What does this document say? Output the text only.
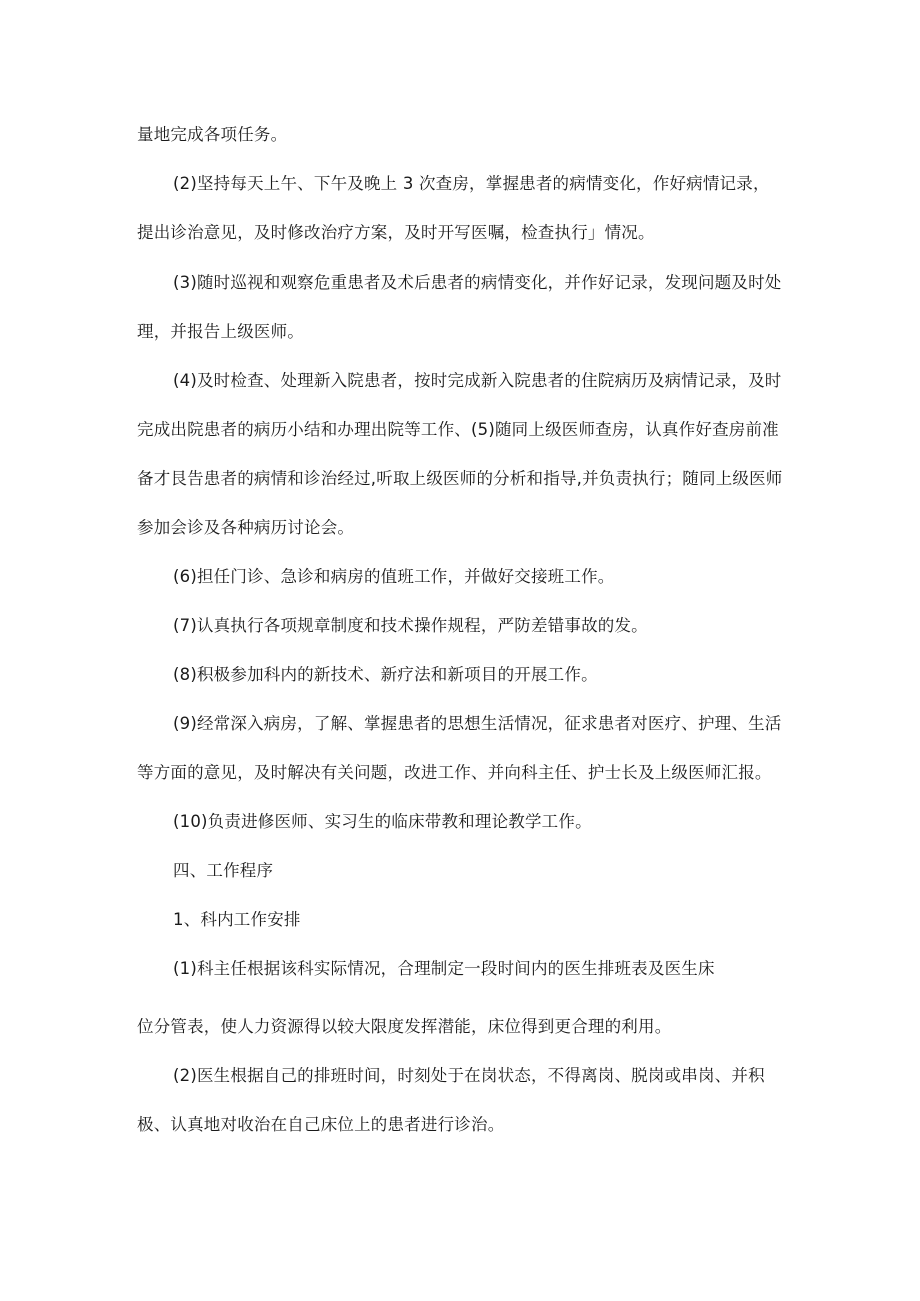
量地完成各项任务。
(2)坚持每天上午、下午及晚上 3 次查房，掌握患者的病情变化，作好病情记录，
提出诊治意见，及时修改治疗方案，及时开写医嘱，检查执行」情况。
(3)随时巡视和观察危重患者及术后患者的病情变化，并作好记录，发现问题及时处
理，并报告上级医师。
(4)及时检查、处理新入院患者，按时完成新入院患者的住院病历及病情记录，及时
完成出院患者的病历小结和办理出院等工作、(5)随同上级医师查房，认真作好查房前准
备才艮告患者的病情和诊治经过,听取上级医师的分析和指导,并负责执行；随同上级医师
参加会诊及各种病历讨论会。
(6)担任门诊、急诊和病房的值班工作，并做好交接班工作。
(7)认真执行各项规章制度和技术操作规程，严防差错事故的发。
(8)积极参加科内的新技术、新疗法和新项目的开展工作。
(9)经常深入病房，了解、掌握患者的思想生活情况，征求患者对医疗、护理、生活
等方面的意见，及时解决有关问题，改进工作、并向科主任、护士长及上级医师汇报。
(10)负责进修医师、实习生的临床带教和理论教学工作。
四、工作程序
1、科内工作安排
(1)科主任根据该科实际情况，合理制定一段时间内的医生排班表及医生床
位分管表，使人力资源得以较大限度发挥潜能，床位得到更合理的利用。
(2)医生根据自己的排班时间，时刻处于在岗状态，不得离岗、脱岗或串岗、并积
极、认真地对收治在自己床位上的患者进行诊治。
